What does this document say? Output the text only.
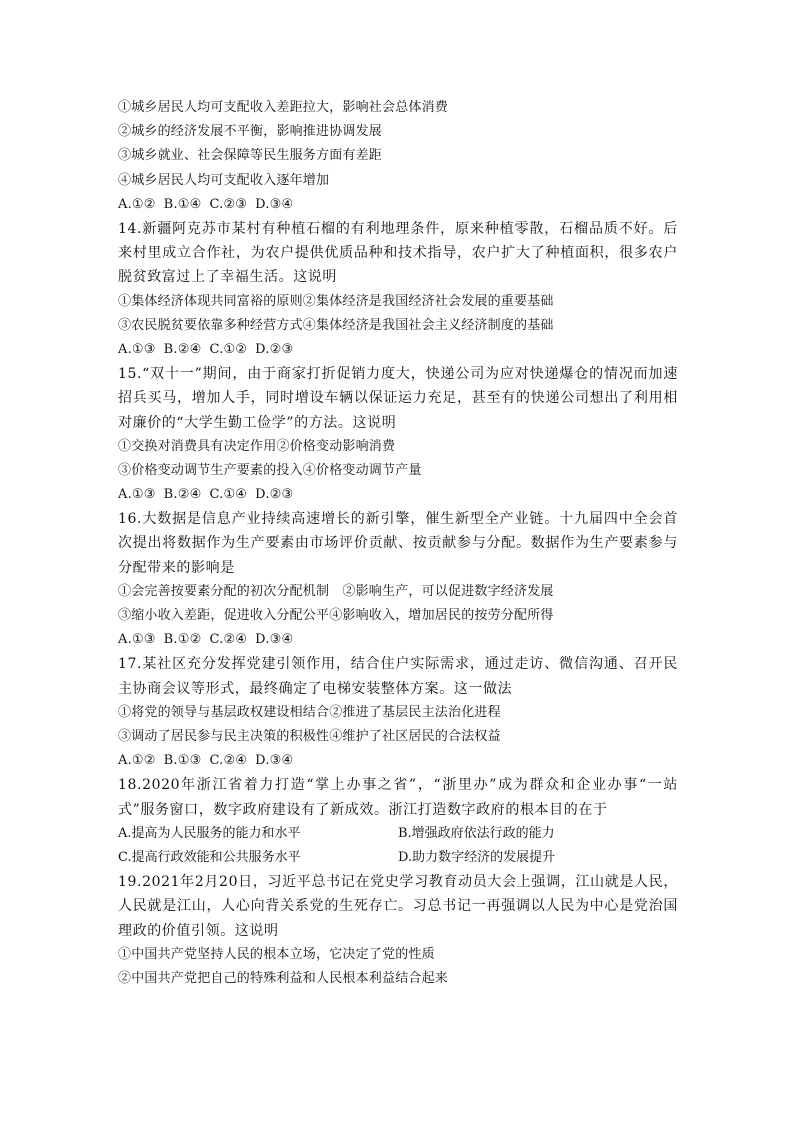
①城乡居民人均可支配收入差距拉大，影响社会总体消费
②城乡的经济发展不平衡，影响推进协调发展
③城乡就业、社会保障等民生服务方面有差距
④城乡居民人均可支配收入逐年增加
A.①② B.①④ C.②③ D.③④
14.新疆阿克苏市某村有种植石榴的有利地理条件，原来种植零散，石榴品质不好。后来村里成立合作社，为农户提供优质品种和技术指导，农户扩大了种植面积，很多农户脱贫致富过上了幸福生活。这说明
①集体经济体现共同富裕的原则②集体经济是我国经济社会发展的重要基础
③农民脱贫要依靠多种经营方式④集体经济是我国社会主义经济制度的基础
A.①③ B.②④ C.①② D.②③
15.“双十一”期间，由于商家打折促销力度大，快递公司为应对快递爆仓的情况而加速招兵买马，增加人手，同时增设车辆以保证运力充足，甚至有的快递公司想出了利用相对廉价的“大学生勤工俭学”的方法。这说明
①交换对消费具有决定作用②价格变动影响消费
③价格变动调节生产要素的投入④价格变动调节产量
A.①③ B.②④ C.①④ D.②③
16.大数据是信息产业持续高速增长的新引擎，催生新型全产业链。十九届四中全会首次提出将数据作为生产要素由市场评价贡献、按贡献参与分配。数据作为生产要素参与分配带来的影响是
①会完善按要素分配的初次分配机制　②影响生产，可以促进数字经济发展
③缩小收入差距，促进收入分配公平④影响收入，增加居民的按劳分配所得
A.①③ B.①② C.②④ D.③④
17.某社区充分发挥党建引领作用，结合住户实际需求，通过走访、微信沟通、召开民主协商会议等形式，最终确定了电梯安装整体方案。这一做法
①将党的领导与基层政权建设相结合②推进了基层民主法治化进程
③调动了居民参与民主决策的积极性④维护了社区居民的合法权益
A.①② B.①③ C.②④ D.③④
18.2020年浙江省着力打造“掌上办事之省”，“浙里办”成为群众和企业办事“一站式”服务窗口，数字政府建设有了新成效。浙江打造数字政府的根本目的在于
A.提高为人民服务的能力和水平	B.增强政府依法行政的能力
C.提高行政效能和公共服务水平	D.助力数字经济的发展提升
19.2021年2月20日，习近平总书记在党史学习教育动员大会上强调，江山就是人民，人民就是江山，人心向背关系党的生死存亡。习总书记一再强调以人民为中心是党治国理政的价值引领。这说明
①中国共产党坚持人民的根本立场，它决定了党的性质
②中国共产党把自己的特殊利益和人民根本利益结合起来
